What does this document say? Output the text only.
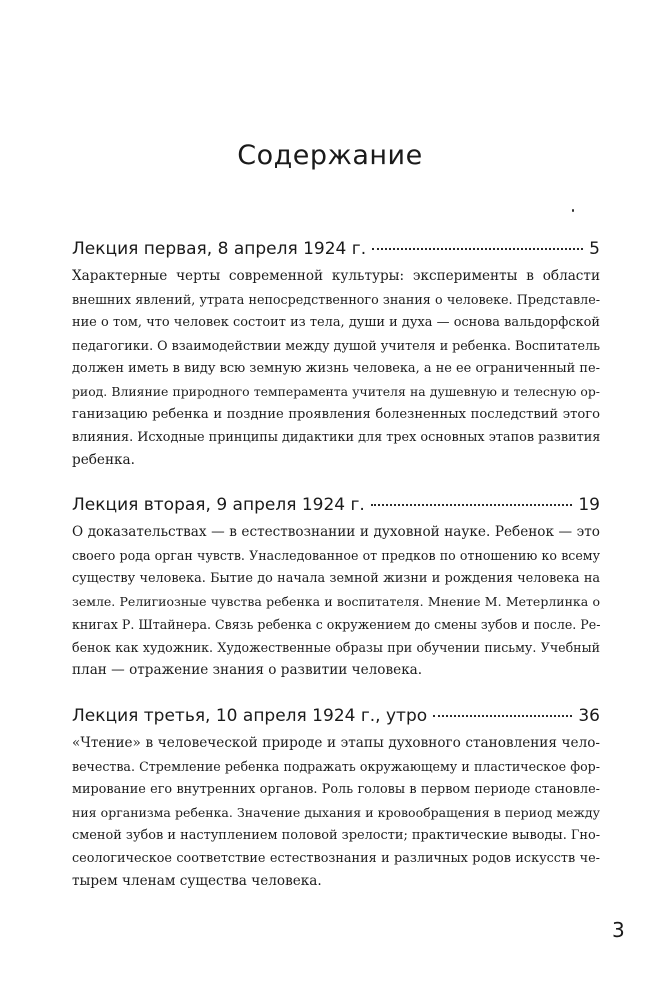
Содержание
Лекция первая, 8 апреля 1924 г.	5
Характерные черты современной культуры: эксперименты в области
внешних явлений, утрата непосредственного знания о человеке. Представле-
ние о том, что человек состоит из тела, души и духа — основа вальдорфской
педагогики. О взаимодействии между душой учителя и ребенка. Воспитатель
должен иметь в виду всю земную жизнь человека, а не ее ограниченный пе-
риод. Влияние природного темперамента учителя на душевную и телесную ор-
ганизацию ребенка и поздние проявления болезненных последствий этого
влияния. Исходные принципы дидактики для трех основных этапов развития
ребенка.
Лекция вторая, 9 апреля 1924 г.	19
О доказательствах — в естествознании и духовной науке. Ребенок — это
своего рода орган чувств. Унаследованное от предков по отношению ко всему
существу человека. Бытие до начала земной жизни и рождения человека на
земле. Религиозные чувства ребенка и воспитателя. Мнение М. Метерлинка о
книгах Р. Штайнера. Связь ребенка с окружением до смены зубов и после. Ре-
бенок как художник. Художественные образы при обучении письму. Учебный
план — отражение знания о развитии человека.
Лекция третья, 10 апреля 1924 г., утро	36
«Чтение» в человеческой природе и этапы духовного становления чело-
вечества. Стремление ребенка подражать окружающему и пластическое фор-
мирование его внутренних органов. Роль головы в первом периоде становле-
ния организма ребенка. Значение дыхания и кровообращения в период между
сменой зубов и наступлением половой зрелости; практические выводы. Гно-
сеологическое соответствие естествознания и различных родов искусств че-
тырем членам существа человека.
3
